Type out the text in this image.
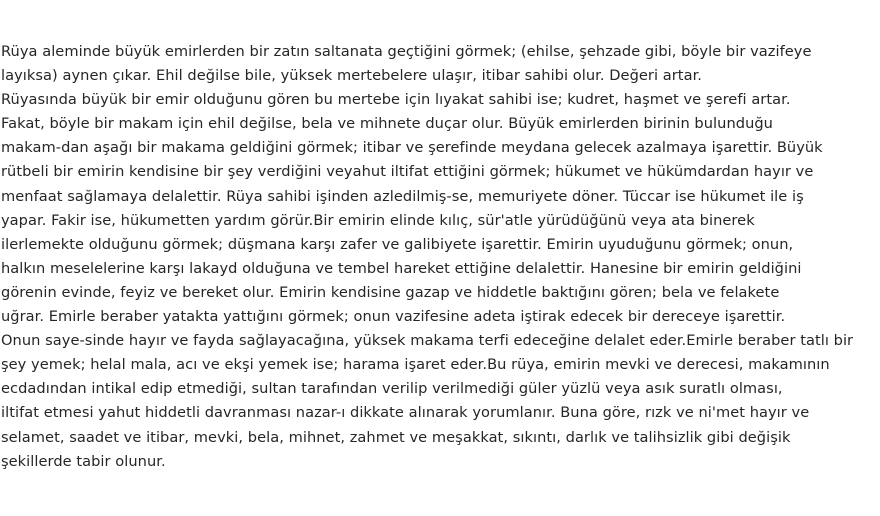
Rüya aleminde büyük emirlerden bir zatın saltanata geçtiğini görmek; (ehilse, şehzade gibi, böyle bir vazifeye
layıksa) aynen çıkar. Ehil değilse bile, yüksek mertebelere ulaşır, itibar sahibi olur. Değeri artar.
Rüyasında büyük bir emir olduğunu gören bu mertebe için lıyakat sahibi ise; kudret, haşmet ve şerefi artar.
Fakat, böyle bir makam için ehil değilse, bela ve mihnete duçar olur. Büyük emirlerden birinin bulunduğu
makam-dan aşağı bir makama geldiğini görmek; itibar ve şerefinde meydana gelecek azalmaya işarettir. Büyük
rütbeli bir emirin kendisine bir şey verdiğini veyahut iltifat ettiğini görmek; hükumet ve hükümdardan hayır ve
menfaat sağlamaya delalettir. Rüya sahibi işinden azledilmiş-se, memuriyete döner. Tüccar ise hükumet ile iş
yapar. Fakir ise, hükumetten yardım görür.Bir emirin elinde kılıç, sür'atle yürüdüğünü veya ata binerek
ilerlemekte olduğunu görmek; düşmana karşı zafer ve galibiyete işarettir. Emirin uyuduğunu görmek; onun,
halkın meselelerine karşı lakayd olduğuna ve tembel hareket ettiğine delalettir. Hanesine bir emirin geldiğini
görenin evinde, feyiz ve bereket olur. Emirin kendisine gazap ve hiddetle baktığını gören; bela ve felakete
uğrar. Emirle beraber yatakta yattığını görmek; onun vazifesine adeta iştirak edecek bir dereceye işarettir.
Onun saye-sinde hayır ve fayda sağlayacağına, yüksek makama terfi edeceğine delalet eder.Emirle beraber tatlı bir
şey yemek; helal mala, acı ve ekşi yemek ise; harama işaret eder.Bu rüya, emirin mevki ve derecesi, makamının
ecdadından intikal edip etmediği, sultan tarafından verilip verilmediği güler yüzlü veya asık suratlı olması,
iltifat etmesi yahut hiddetli davranması nazar-ı dikkate alınarak yorumlanır. Buna göre, rızk ve ni'met hayır ve
selamet, saadet ve itibar, mevki, bela, mihnet, zahmet ve meşakkat, sıkıntı, darlık ve talihsizlik gibi değişik
şekillerde tabir olunur.
